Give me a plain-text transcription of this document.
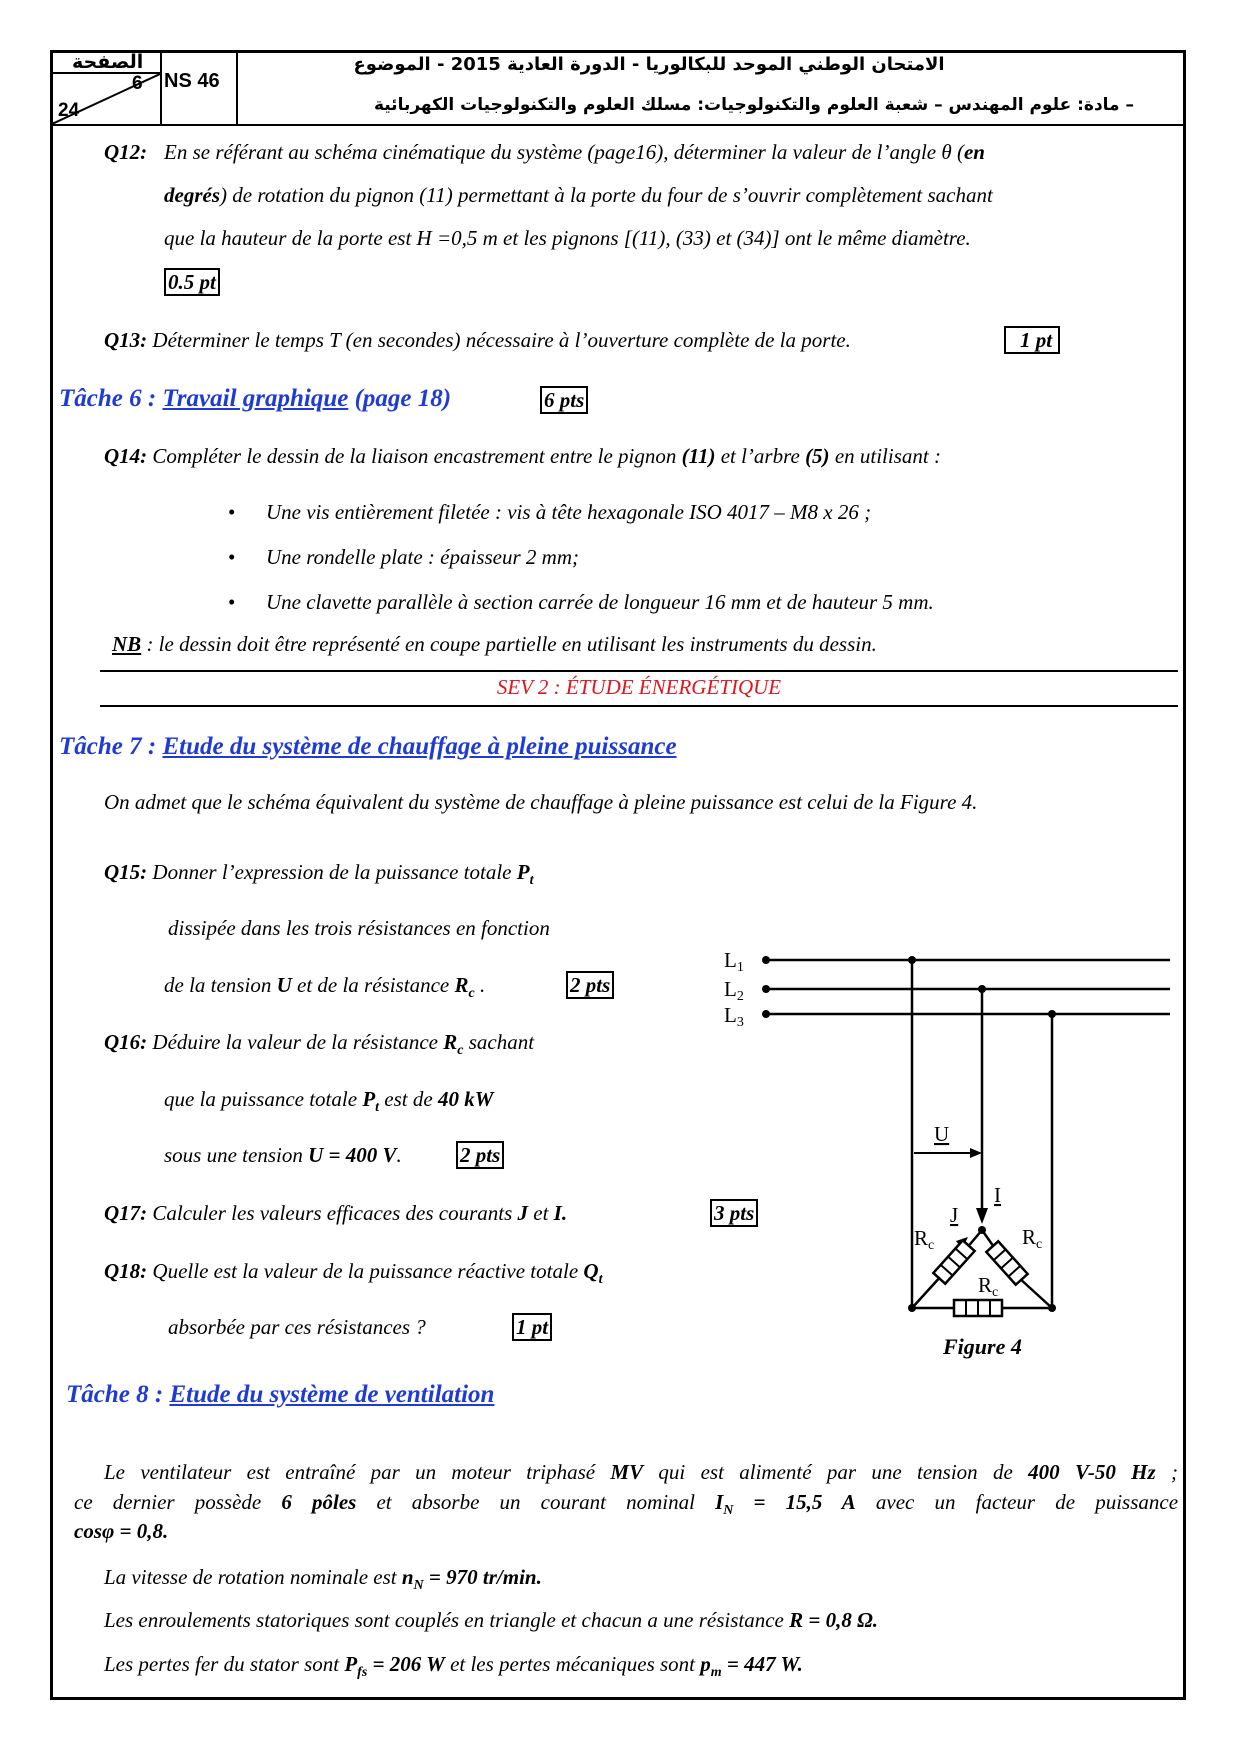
الصفحة
6
24
NS 46
الامتحان الوطني الموحد للبكالوريا - الدورة العادية 2015 - الموضوع
– مادة: علوم المهندس – شعبة العلوم والتكنولوجيات: مسلك العلوم والتكنولوجيات الكهربائية
Q12: En se référant au schéma cinématique du système (page16), déterminer la valeur de l’angle θ (en
degrés) de rotation du pignon (11) permettant à la porte du four de s’ouvrir complètement sachant
que la hauteur de la porte est H =0,5 m et les pignons [(11), (33) et (34)] ont le même diamètre.
0.5 pt
Q13: Déterminer le temps T (en secondes) nécessaire à l’ouverture complète de la porte.	1 pt
Tâche 6 : Travail graphique (page 18)	6 pts
Q14: Compléter le dessin de la liaison encastrement entre le pignon (11) et l’arbre (5) en utilisant :
• Une vis entièrement filetée : vis à tête hexagonale ISO 4017 – M8 x 26 ;
• Une rondelle plate : épaisseur 2 mm;
• Une clavette parallèle à section carrée de longueur 16 mm et de hauteur 5 mm.
NB : le dessin doit être représenté en coupe partielle en utilisant les instruments du dessin.
SEV 2 : ÉTUDE ÉNERGÉTIQUE
Tâche 7 : Etude du système de chauffage à pleine puissance
On admet que le schéma équivalent du système de chauffage à pleine puissance est celui de la Figure 4.
Q15: Donner l’expression de la puissance totale $P_t$
dissipée dans les trois résistances en fonction
de la tension U et de la résistance $R_c$ .	2 pts
Q16: Déduire la valeur de la résistance $R_c$ sachant
que la puissance totale $P_t$ est de 40 kW
sous une tension U = 400 V.	2 pts
Q17: Calculer les valeurs efficaces des courants J et I.	3 pts
Q18: Quelle est la valeur de la puissance réactive totale $Q_t$
absorbée par ces résistances ?	1 pt
L1
L2
L3
U
I
J
Rc	Rc
Rc
Figure 4
Tâche 8 : Etude du système de ventilation
Le ventilateur est entraîné par un moteur triphasé MV qui est alimenté par une tension de 400 V-50 Hz ;
ce dernier possède 6 pôles et absorbe un courant nominal $I_N = 15,5$ A avec un facteur de puissance
cosφ = 0,8.
La vitesse de rotation nominale est $n_N = 970$ tr/min.
Les enroulements statoriques sont couplés en triangle et chacun a une résistance R = 0,8 Ω.
Les pertes fer du stator sont $P_{fs} = 206$ W et les pertes mécaniques sont $p_m = 447$ W.
